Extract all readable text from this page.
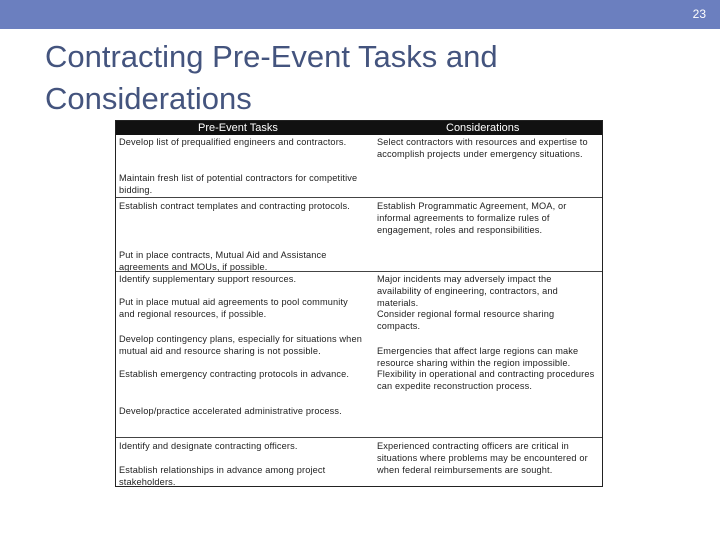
23
Contracting Pre-Event Tasks and Considerations
Pre-Event Tasks	Considerations
Develop list of prequalified engineers and contractors.
Maintain fresh list of potential contractors for competitive bidding.
Establish contract templates and contracting protocols.
Put in place contracts, Mutual Aid and Assistance agreements and MOUs, if possible.
Identify supplementary support resources.
Put in place mutual aid agreements to pool community and regional resources, if possible.
Develop contingency plans, especially for situations when mutual aid and resource sharing is not possible.
Establish emergency contracting protocols in advance.
Develop/practice accelerated administrative process.
Identify and designate contracting officers.
Establish relationships in advance among project stakeholders.
Select contractors with resources and expertise to accomplish projects under emergency situations.
Establish Programmatic Agreement, MOA, or informal agreements to formalize rules of engagement, roles and responsibilities.
Major incidents may adversely impact the availability of engineering, contractors, and materials.
Consider regional formal resource sharing compacts.
Emergencies that affect large regions can make resource sharing within the region impossible.
Flexibility in operational and contracting procedures can expedite reconstruction process.
Experienced contracting officers are critical in situations where problems may be encountered or when federal reimbursements are sought.
